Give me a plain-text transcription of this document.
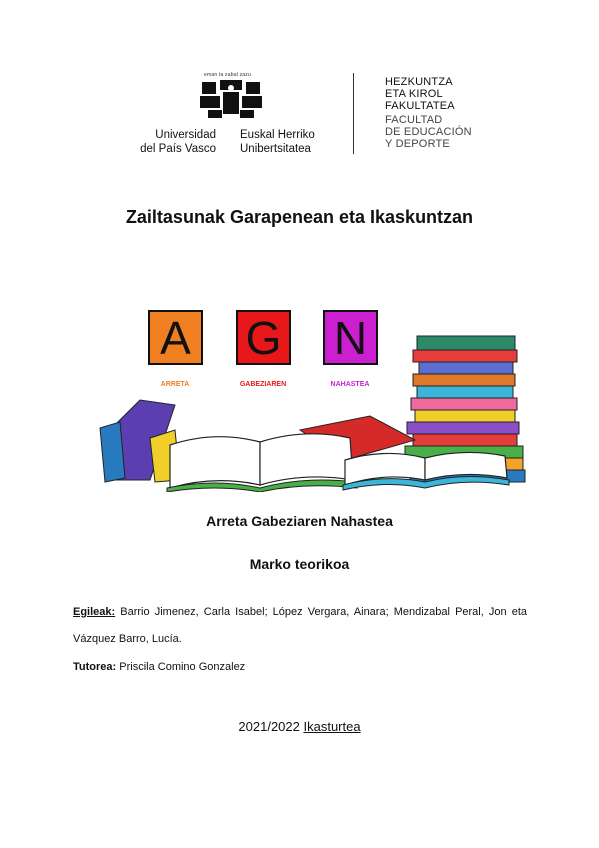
eman ta zabal zazu
Universidad
del País Vasco
Euskal Herriko
Unibertsitatea
HEZKUNTZA
ETA KIROL
FAKULTATEA
FACULTAD
DE EDUCACIÓN
Y DEPORTE
Zailtasunak Garapenean eta Ikaskuntzan
A G N
ARRETA	GABEZIAREN	NAHASTEA
Arreta Gabeziaren Nahastea
Marko teorikoa
Egileak: Barrio Jimenez, Carla Isabel; López Vergara, Ainara; Mendizabal Peral, Jon eta Vázquez Barro, Lucía.
Tutorea: Priscila Comino Gonzalez
2021/2022 Ikasturtea
